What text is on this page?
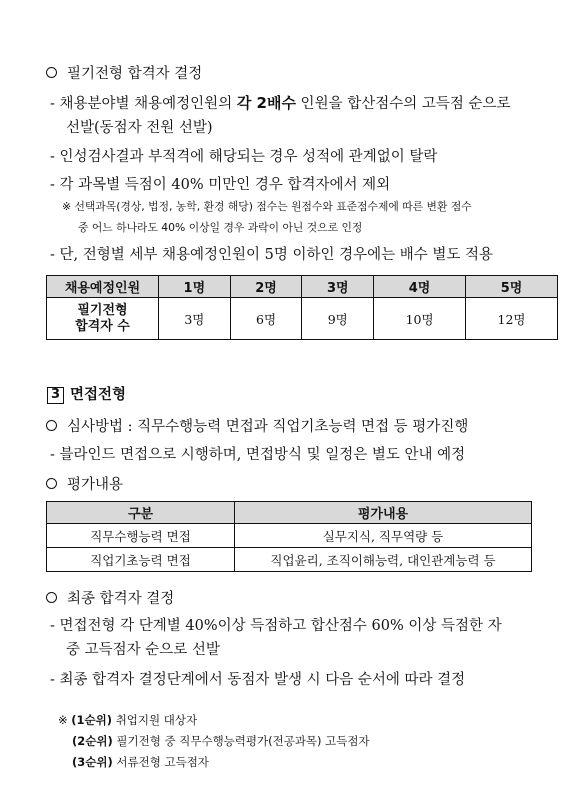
필기전형 합격자 결정
- 채용분야별 채용예정인원의 각 2배수 인원을 합산점수의 고득점 순으로
선발(동점자 전원 선발)
- 인성검사결과 부적격에 해당되는 경우 성적에 관계없이 탈락
- 각 과목별 득점이 40% 미만인 경우 합격자에서 제외
※ 선택과목(경상, 법정, 농학, 환경 해당) 점수는 원점수와 표준점수제에 따른 변환 점수
중 어느 하나라도 40% 이상일 경우 과락이 아닌 것으로 인정
- 단, 전형별 세부 채용예정인원이 5명 이하인 경우에는 배수 별도 적용
채용예정인원	1명	2명	3명	4명	5명

필기전형
합격자 수	3명	6명	9명	10명	12명
3 면접전형
심사방법 : 직무수행능력 면접과 직업기초능력 면접 등 평가진행
- 블라인드 면접으로 시행하며, 면접방식 및 일정은 별도 안내 예정
평가내용
구분	평가내용
직무수행능력 면접	실무지식, 직무역량 등
직업기초능력 면접	직업윤리, 조직이해능력, 대인관계능력 등
최종 합격자 결정
- 면접전형 각 단계별 40%이상 득점하고 합산점수 60% 이상 득점한 자
중 고득점자 순으로 선발
- 최종 합격자 결정단계에서 동점자 발생 시 다음 순서에 따라 결정
※ (1순위) 취업지원 대상자
(2순위) 필기전형 중 직무수행능력평가(전공과목) 고득점자
(3순위) 서류전형 고득점자
